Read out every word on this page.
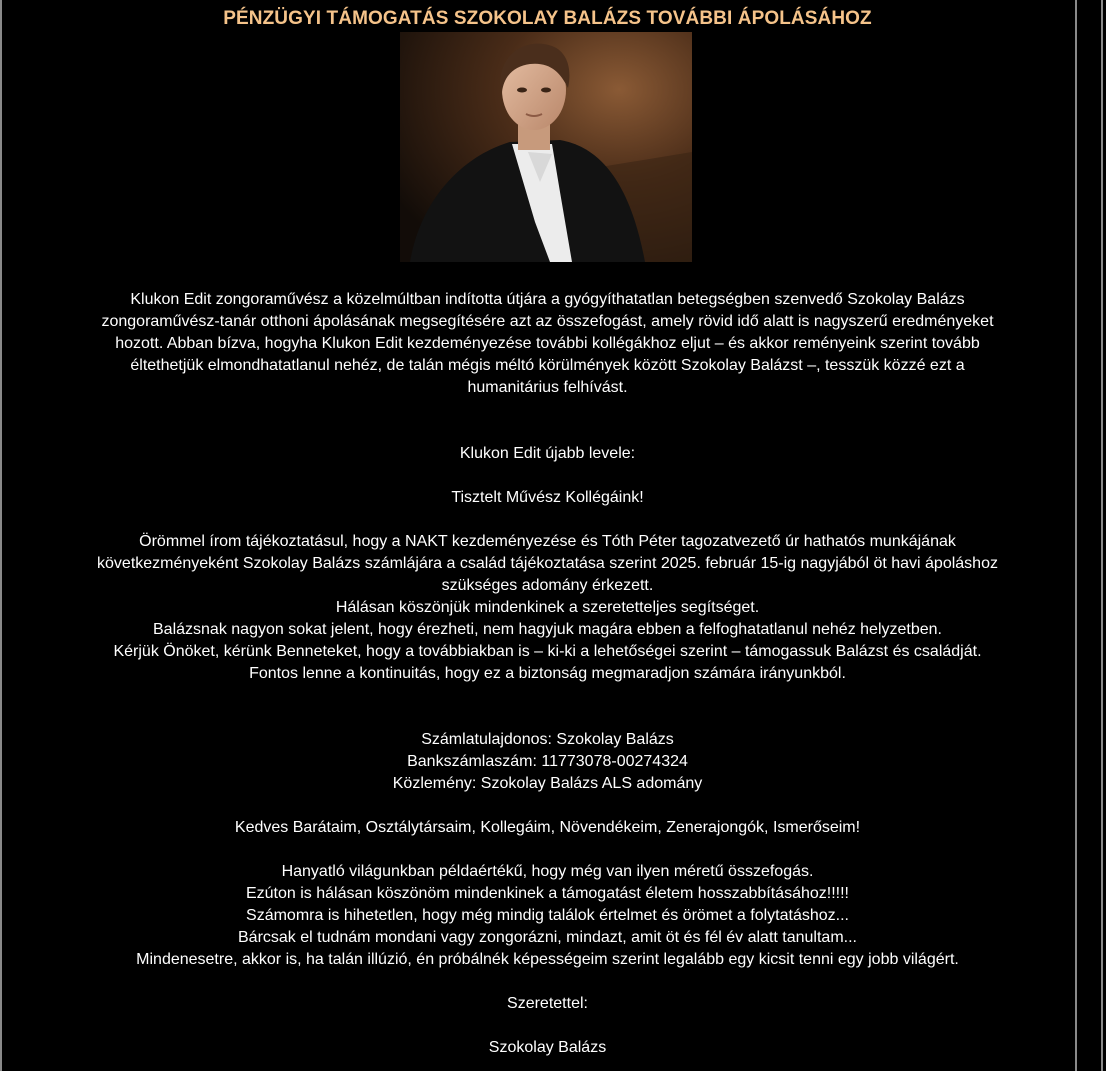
PÉNZÜGYI TÁMOGATÁS SZOKOLAY BALÁZS TOVÁBBI ÁPOLÁSÁHOZ

Klukon Edit zongoraművész a közelmúltban indította útjára a gyógyíthatatlan betegségben szenvedő Szokolay Balázs

zongoraművész-tanár otthoni ápolásának megsegítésére azt az összefogást, amely rövid idő alatt is nagyszerű eredményeket

hozott. Abban bízva, hogyha Klukon Edit kezdeményezése további kollégákhoz eljut – és akkor reményeink szerint tovább

éltethetjük elmondhatatlanul nehéz, de talán mégis méltó körülmények között Szokolay Balázst –, tesszük közzé ezt a

humanitárius felhívást.

Klukon Edit újabb levele:

Tisztelt Művész Kollégáink!

Örömmel írom tájékoztatásul, hogy a NAKT kezdeményezése és Tóth Péter tagozatvezető úr hathatós munkájának

következményeként Szokolay Balázs számlájára a család tájékoztatása szerint 2025. február 15-ig nagyjából öt havi ápoláshoz

szükséges adomány érkezett.

Hálásan köszönjük mindenkinek a szeretetteljes segítséget.

Balázsnak nagyon sokat jelent, hogy érezheti, nem hagyjuk magára ebben a felfoghatatlanul nehéz helyzetben.

Kérjük Önöket, kérünk Benneteket, hogy a továbbiakban is – ki-ki a lehetőségei szerint – támogassuk Balázst és családját.

Fontos lenne a kontinuitás, hogy ez a biztonság megmaradjon számára irányunkból.

Számlatulajdonos: Szokolay Balázs

Bankszámlaszám: 11773078-00274324

Közlemény: Szokolay Balázs ALS adomány

Kedves Barátaim, Osztálytársaim, Kollegáim, Növendékeim, Zenerajongók, Ismerőseim!

Hanyatló világunkban példaértékű, hogy még van ilyen méretű összefogás.

Ezúton is hálásan köszönöm mindenkinek a támogatást életem hosszabbításához!!!!!

Számomra is hihetetlen, hogy még mindig találok értelmet és örömet a folytatáshoz...

Bárcsak el tudnám mondani vagy zongorázni, mindazt, amit öt és fél év alatt tanultam...

Mindenesetre, akkor is, ha talán illúzió, én próbálnék képességeim szerint legalább egy kicsit tenni egy jobb világért.

Szeretettel:

Szokolay Balázs
